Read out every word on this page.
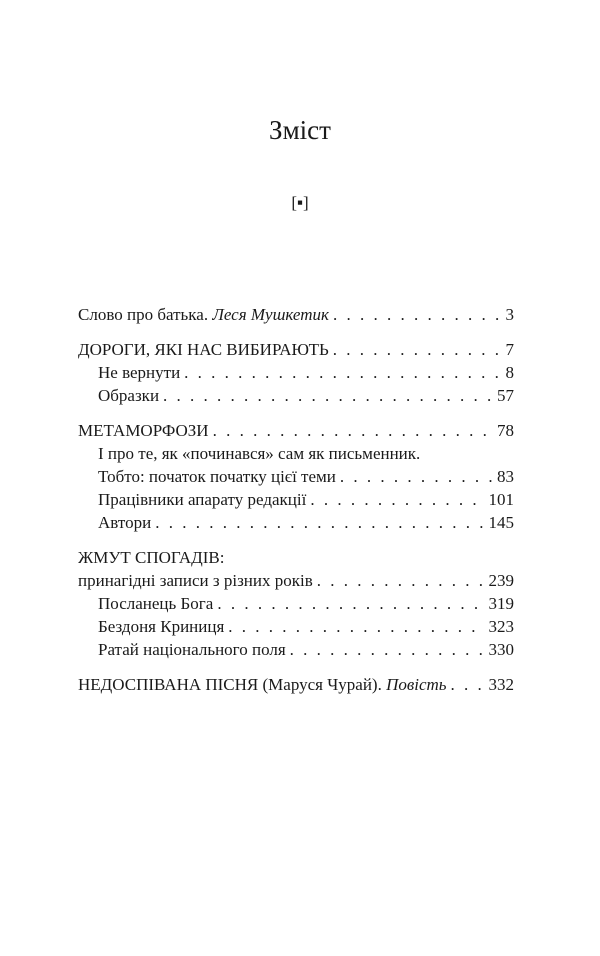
Зміст
[▪]
Слово про батька. Леся Мушкетик . . .	3
ДОРОГИ, ЯКІ НАС ВИБИРАЮТЬ . . .	7
Не вернути . . .	8
Образки . . .	57
МЕТАМОРФОЗИ . . .	78
І про те, як «починався» сам як письменник.
Тобто: початок початку цієї теми . . .	83
Працівники апарату редакції . . .	101
Автори . . .	145
ЖМУТ СПОГАДІВ:
принагідні записи з різних років . . .	239
Посланець Бога . . .	319
Бездоня Криниця . . .	323
Ратай національного поля . . .	330
НЕДОСПІВАНА ПІСНЯ (Маруся Чурай). Повість . . . 332
